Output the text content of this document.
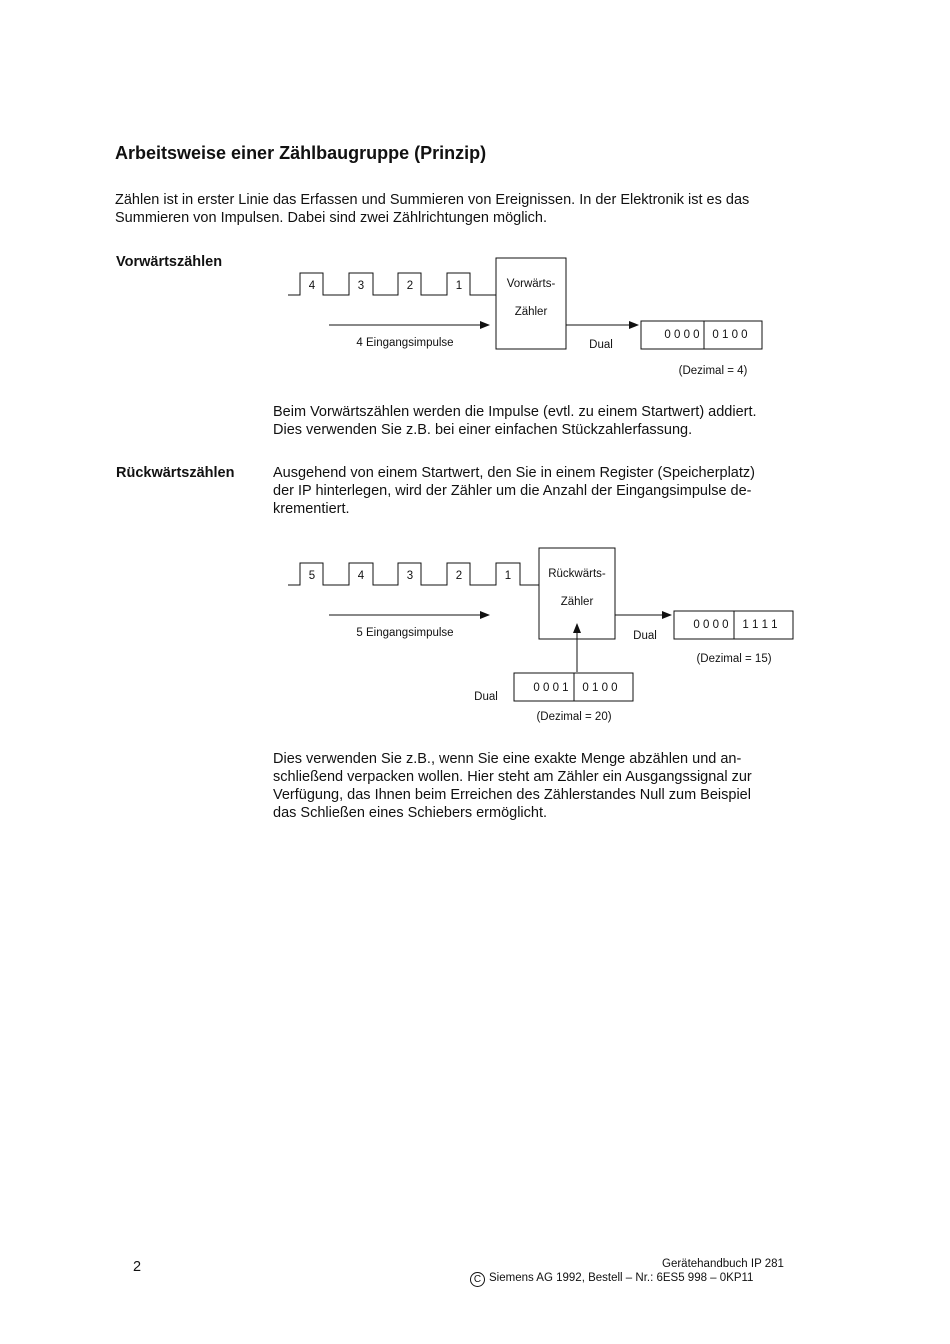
Arbeitsweise einer Zählbaugruppe (Prinzip)
Zählen ist in erster Linie das Erfassen und Summieren von Ereignissen. In der Elektronik ist es das Summieren von Impulsen. Dabei sind zwei Zählrichtungen möglich.
Vorwärtszählen
Rückwärtszählen
4	3	2	1	Vorwärts-
Zähler
4 Eingangsimpulse	Dual
0 0 0 0 0 1 0 0
(Dezimal = 4)
5	4	3	2	1	Rückwärts-
Zähler
5 Eingangsimpulse	Dual
0 0 0 0 1 1 1 1
(Dezimal = 15)
0 0 0 1 0 1 0 0
Dual
(Dezimal = 20)
Beim Vorwärtszählen werden die Impulse (evtl. zu einem Startwert) addiert.
Dies verwenden Sie z.B. bei einer einfachen Stückzahlerfassung.
Ausgehend von einem Startwert, den Sie in einem Register (Speicherplatz)
der IP hinterlegen, wird der Zähler um die Anzahl der Eingangsimpulse de-
krementiert.
Dies verwenden Sie z.B., wenn Sie eine exakte Menge abzählen und an-
schließend verpacken wollen. Hier steht am Zähler ein Ausgangssignal zur
Verfügung, das Ihnen beim Erreichen des Zählerstandes Null zum Beispiel
das Schließen eines Schiebers ermöglicht.
2	Gerätehandbuch IP 281
C Siemens AG 1992, Bestell – Nr.: 6ES5 998 – 0KP11
